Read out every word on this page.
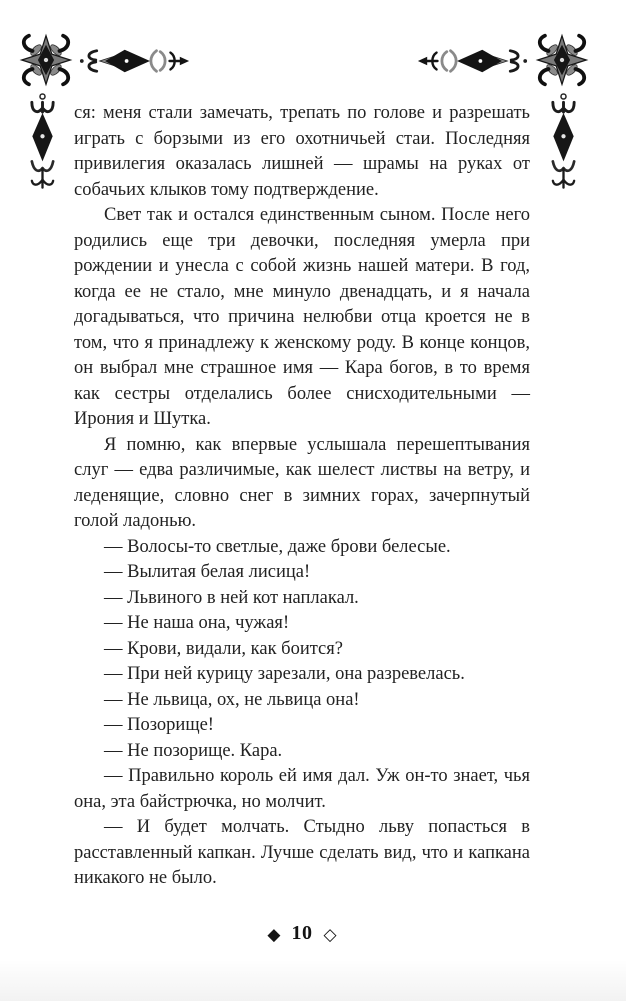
ся: меня стали замечать, трепать по голове и разрешать играть с борзыми из его охотничьей стаи. Последняя привилегия оказалась лишней — шрамы на руках от собачьих клыков тому подтверждение.

Свет так и остался единственным сыном. После него родились еще три девочки, последняя умерла при рождении и унесла с собой жизнь нашей матери. В год, когда ее не стало, мне минуло двенадцать, и я начала догадываться, что причина нелюбви отца кроется не в том, что я принадлежу к женскому роду. В конце концов, он выбрал мне страшное имя — Кара богов, в то время как сестры отделались более снисходительными — Ирония и Шутка.

Я помню, как впервые услышала перешептывания слуг — едва различимые, как шелест листвы на ветру, и леденящие, словно снег в зимних горах, зачерпнутый голой ладонью.

— Волосы-то светлые, даже брови белесые.

— Вылитая белая лисица!

— Львиного в ней кот наплакал.

— Не наша она, чужая!

— Крови, видали, как боится?

— При ней курицу зарезали, она разревелась.

— Не львица, ох, не львица она!

— Позорище!

— Не позорище. Кара.

— Правильно король ей имя дал. Уж он-то знает, чья она, эта байстрючка, но молчит.

— И будет молчать. Стыдно льву попасться в расставленный капкан. Лучше сделать вид, что и капкана никакого не было.

◆ 10 ◇
